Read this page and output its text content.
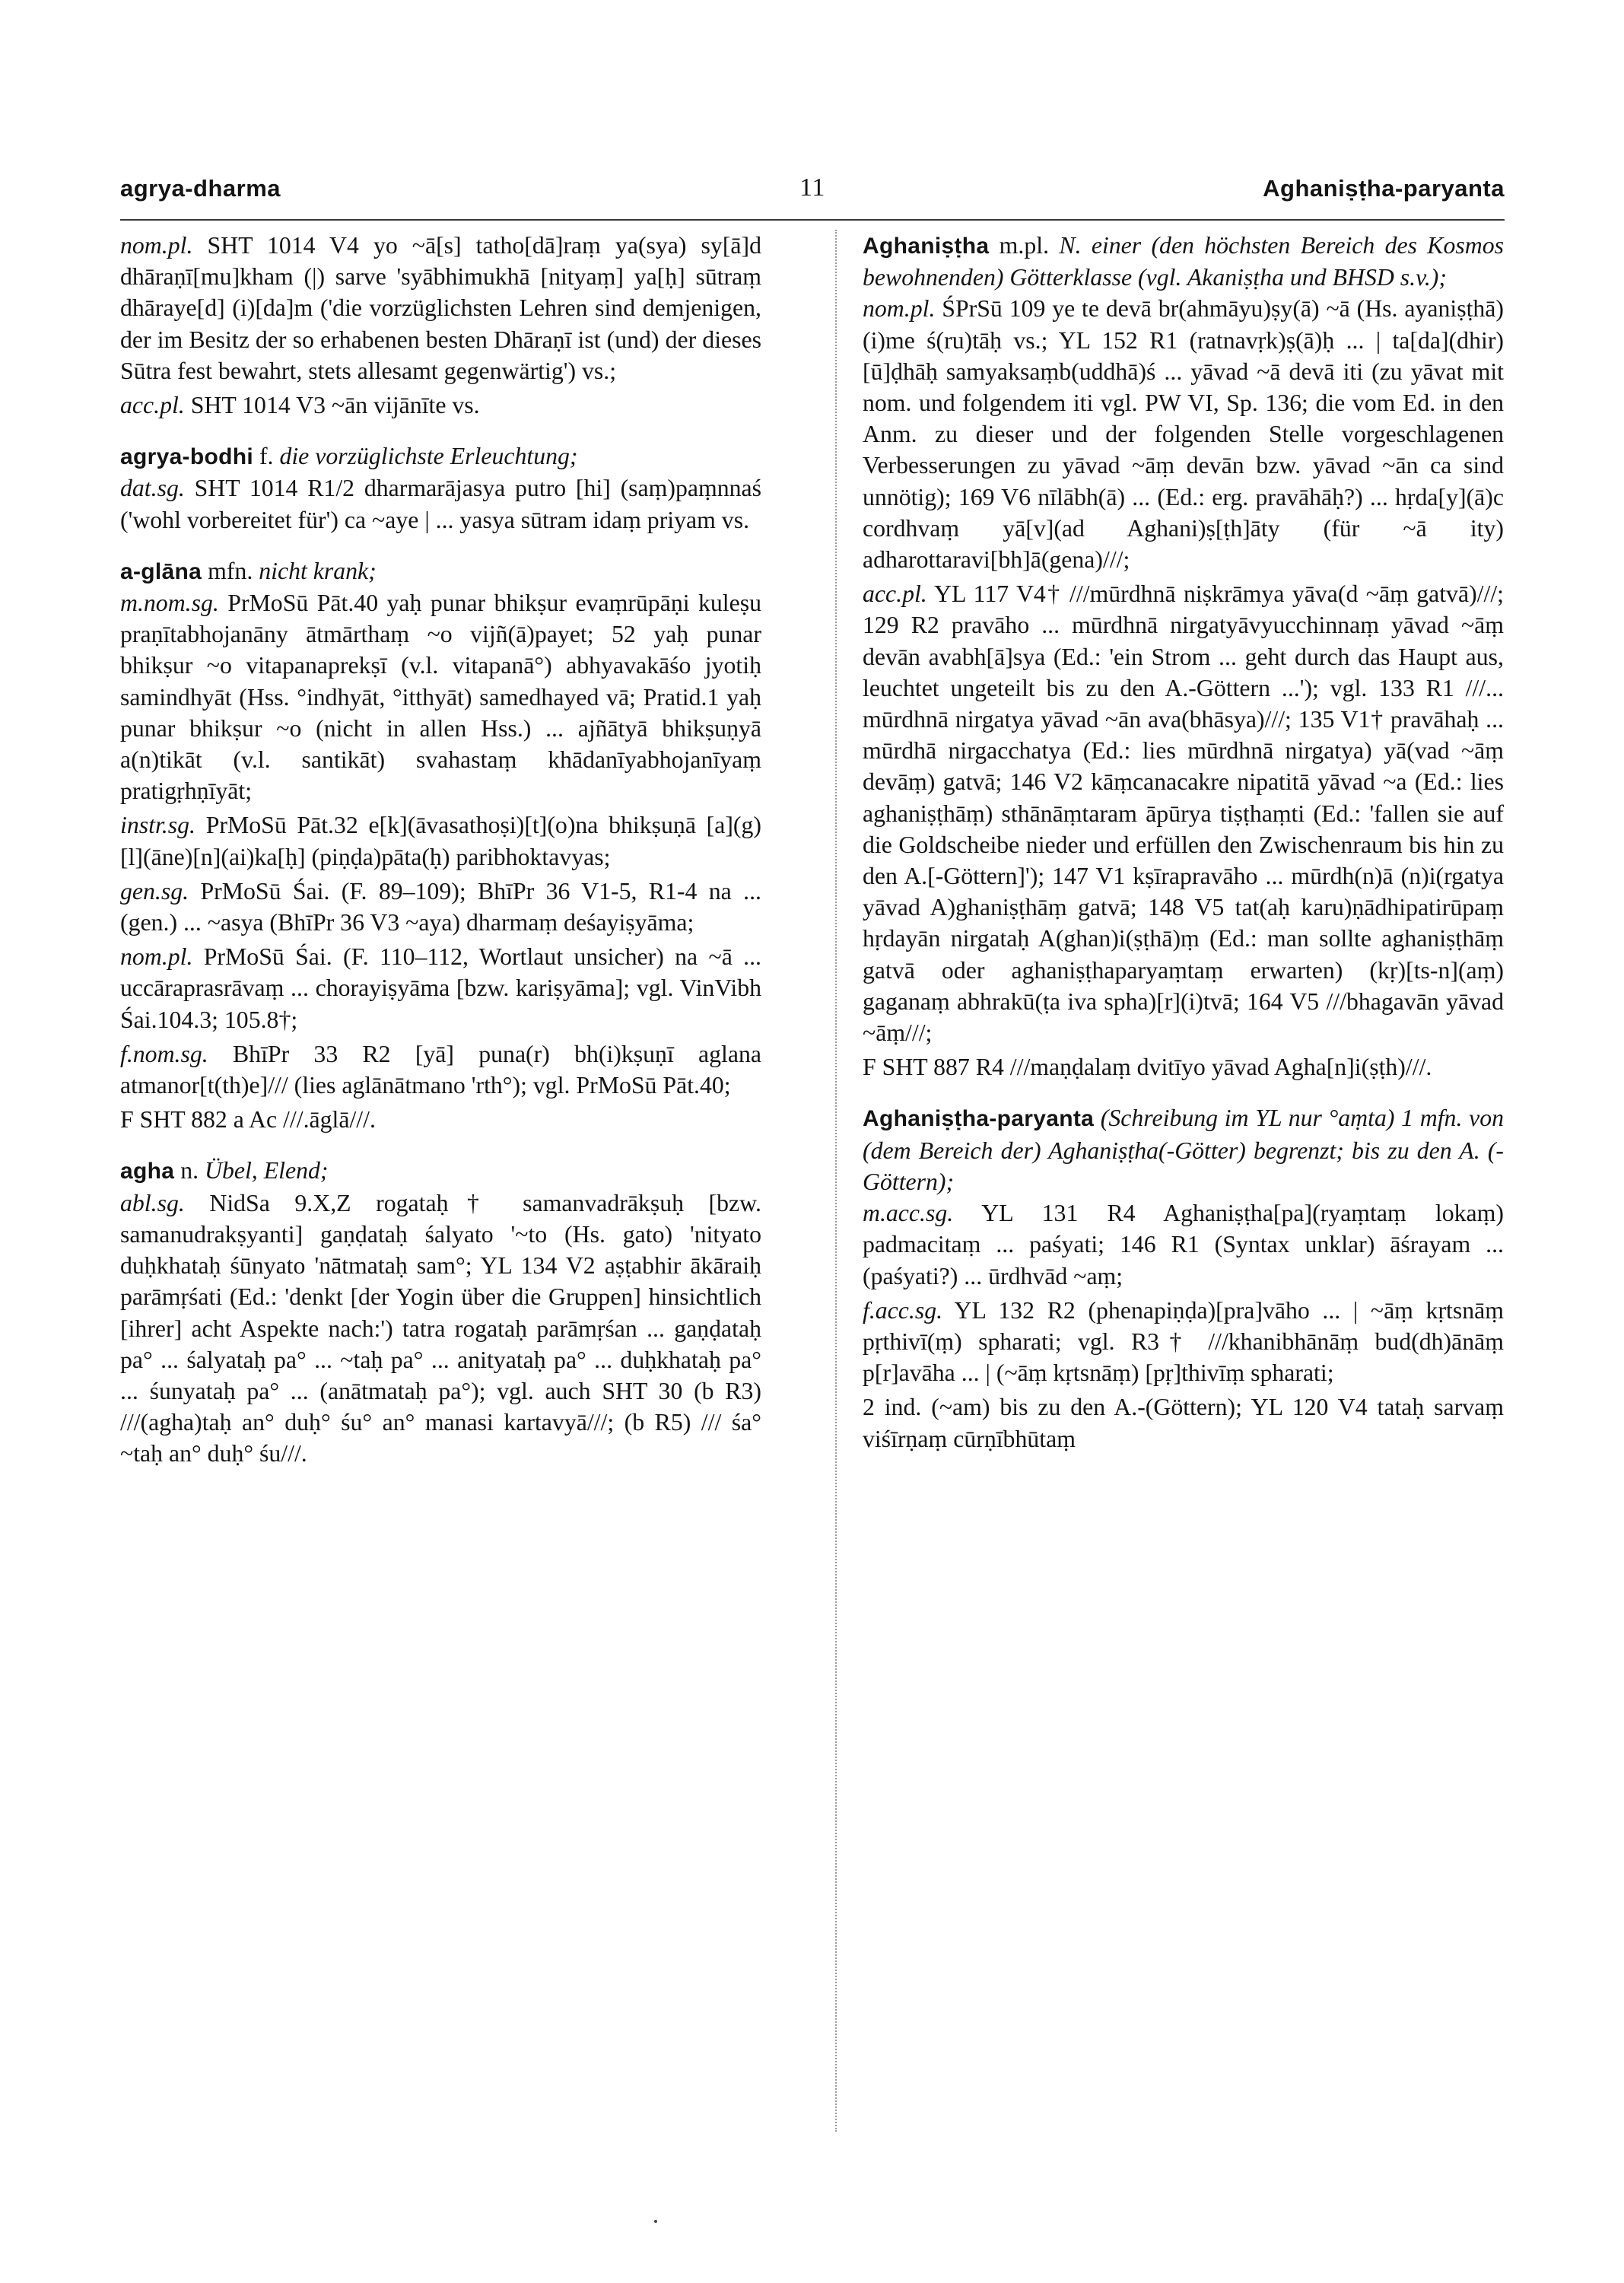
agrya-dharma	11	Aghaniṣṭha-paryanta
nom.pl. SHT 1014 V4 yo ~ā[s] tatho[dā]raṃ ya(sya) sy[ā]d dhāraṇī[mu]kham (|) sarve 'syābhimukhā [nityaṃ] ya[ḥ] sūtraṃ dhāraye[d] (i)[da]m ('die vorzüglichsten Lehren sind demjenigen, der im Besitz der so erhabenen besten Dhāraṇī ist (und) der dieses Sūtra fest bewahrt, stets allesamt gegenwärtig') vs.;
acc.pl. SHT 1014 V3 ~ān vijānīte vs.
agrya-bodhi f. die vorzüglichste Erleuchtung;
dat.sg. SHT 1014 R1/2 dharmarājasya putro [hi] (saṃ)paṃnnaś ('wohl vorbereitet für') ca ~aye | ... yasya sūtram idaṃ priyam vs.
a-glāna mfn. nicht krank;
m.nom.sg. PrMoSū Pāt.40 yaḥ punar bhikṣur evaṃrūpāṇi kuleṣu praṇītabhojanāny ātmārthaṃ ~o vijñ(ā)payet; 52 yaḥ punar bhikṣur ~o vitapanaprekṣī (v.l. vitapanā°) abhyavakāśo jyotiḥ samindhyāt (Hss. °indhyāt, °itthyāt) samedhayed vā; Pratid.1 yaḥ punar bhikṣur ~o (nicht in allen Hss.) ... ajñātyā bhikṣuṇyā a(n)tikāt (v.l. santikāt) svahastaṃ khādanīyabhojanīyaṃ pratigṛhṇīyāt;
instr.sg. PrMoSū Pāt.32 e[k](āvasathoṣi)[t](o)na bhikṣuṇā [a](g)[l](āne)[n](ai)ka[ḥ] (piṇḍa)pāta(ḥ) paribhoktavyas;
gen.sg. PrMoSū Śai. (F. 89–109); BhīPr 36 V1-5, R1-4 na ... (gen.) ... ~asya (BhīPr 36 V3 ~aya) dharmaṃ deśayiṣyāma;
nom.pl. PrMoSū Śai. (F. 110–112, Wortlaut unsicher) na ~ā ... uccāraprasrāvaṃ ... chorayiṣyāma [bzw. kariṣyāma]; vgl. VinVibh Śai.104.3; 105.8†;
f.nom.sg. BhīPr 33 R2 [yā] puna(r) bh(i)kṣuṇī aglana atmanor[t(th)e]/// (lies aglānātmano 'rth°); vgl. PrMoSū Pāt.40;
F SHT 882 a Ac ///.āglā///.
agha n. Übel, Elend;
abl.sg. NidSa 9.X,Z rogataḥ† samanvadrākṣuḥ [bzw. samanudrakṣyanti] gaṇḍataḥ śalyato '~to (Hs. gato) 'nityato duḥkhataḥ śūnyato 'nātmataḥ sam°; YL 134 V2 aṣṭabhir ākāraiḥ parāmṛśati (Ed.: 'denkt [der Yogin über die Gruppen] hinsichtlich [ihrer] acht Aspekte nach:') tatra rogataḥ parāmṛśan ... gaṇḍataḥ pa° ... śalyataḥ pa° ... ~taḥ pa° ... anityataḥ pa° ... duḥkhataḥ pa° ... śunyataḥ pa° ... (anātmataḥ pa°); vgl. auch SHT 30 (b R3) ///(agha)taḥ an° duḥ° śu° an° manasi kartavyā///; (b R5) /// śa° ~taḥ an° duḥ° śu///.
Aghaniṣṭha m.pl. N. einer (den höchsten Bereich des Kosmos bewohnenden) Götterklasse (vgl. Akaniṣṭha und BHSD s.v.);
nom.pl. ŚPrSū 109 ye te devā br(ahmāyu)ṣy(ā) ~ā (Hs. ayaniṣṭhā) (i)me ś(ru)tāḥ vs.; YL 152 R1 (ratnavṛk)ṣ(ā)ḥ ... | ta[da](dhir)[ū]ḍhāḥ samyaksaṃb(uddhā)ś ... yāvad ~ā devā iti (zu yāvat mit nom. und folgendem iti vgl. PW VI, Sp. 136; die vom Ed. in den Anm. zu dieser und der folgenden Stelle vorgeschlagenen Verbesserungen zu yāvad ~āṃ devān bzw. yāvad ~ān ca sind unnötig); 169 V6 nīlābh(ā) ... (Ed.: erg. pravāhāḥ?) ... hṛda[y](ā)c cordhvaṃ yā[v](ad Aghani)ṣ[ṭh]āty (für ~ā ity) adharottaravi[bh]ā(gena)///;
acc.pl. YL 117 V4† ///mūrdhnā niṣkrāmya yāva(d ~āṃ gatvā)///; 129 R2 pravāho ... mūrdhnā nirgatyāvyucchinnaṃ yāvad ~āṃ devān avabh[ā]sya (Ed.: 'ein Strom ... geht durch das Haupt aus, leuchtet ungeteilt bis zu den A.-Göttern ...'); vgl. 133 R1 ///... mūrdhnā nirgatya yāvad ~ān ava(bhāsya)///; 135 V1† pravāhaḥ ... mūrdhā nirgacchatya (Ed.: lies mūrdhnā nirgatya) yā(vad ~āṃ devāṃ) gatvā; 146 V2 kāṃcanacakre nipatitā yāvad ~a (Ed.: lies aghaniṣṭhāṃ) sthānāṃtaram āpūrya tiṣṭhaṃti (Ed.: 'fallen sie auf die Goldscheibe nieder und erfüllen den Zwischenraum bis hin zu den A.[-Göttern]'); 147 V1 kṣīrapravāho ... mūrdh(n)ā (n)i(rgatya yāvad A)ghaniṣṭhāṃ gatvā; 148 V5 tat(aḥ karu)ṇādhipatirūpaṃ hṛdayān nirgataḥ A(ghan)i(ṣṭhā)ṃ (Ed.: man sollte aghaniṣṭhāṃ gatvā oder aghaniṣṭhaparyaṃtaṃ erwarten) (kṛ)[ts-n](aṃ) gaganaṃ abhrakū(ṭa iva spha)[r](i)tvā; 164 V5 ///bhagavān yāvad ~āṃ///;
F SHT 887 R4 ///maṇḍalaṃ dvitīyo yāvad Agha[n]i(ṣṭh)///.
Aghaniṣṭha-paryanta (Schreibung im YL nur °aṃta) 1 mfn. von (dem Bereich der) Aghaniṣṭha(-Götter) begrenzt; bis zu den A. (-Göttern);
m.acc.sg. YL 131 R4 Aghaniṣṭha[pa](ryaṃtaṃ lokaṃ) padmacitaṃ ... paśyati; 146 R1 (Syntax unklar) āśrayam ... (paśyati?) ... ūrdhvād ~aṃ;
f.acc.sg. YL 132 R2 (phenapiṇḍa)[pra]vāho ... | ~āṃ kṛtsnāṃ pṛthivī(ṃ) spharati; vgl. R3† ///khanibhānāṃ bud(dh)ānāṃ p[r]avāha ... | (~āṃ kṛtsnāṃ) [pṛ]thivīṃ spharati;
2 ind. (~am) bis zu den A.-(Göttern); YL 120 V4 tataḥ sarvaṃ viśīrṇaṃ cūrṇībhūtaṃ
